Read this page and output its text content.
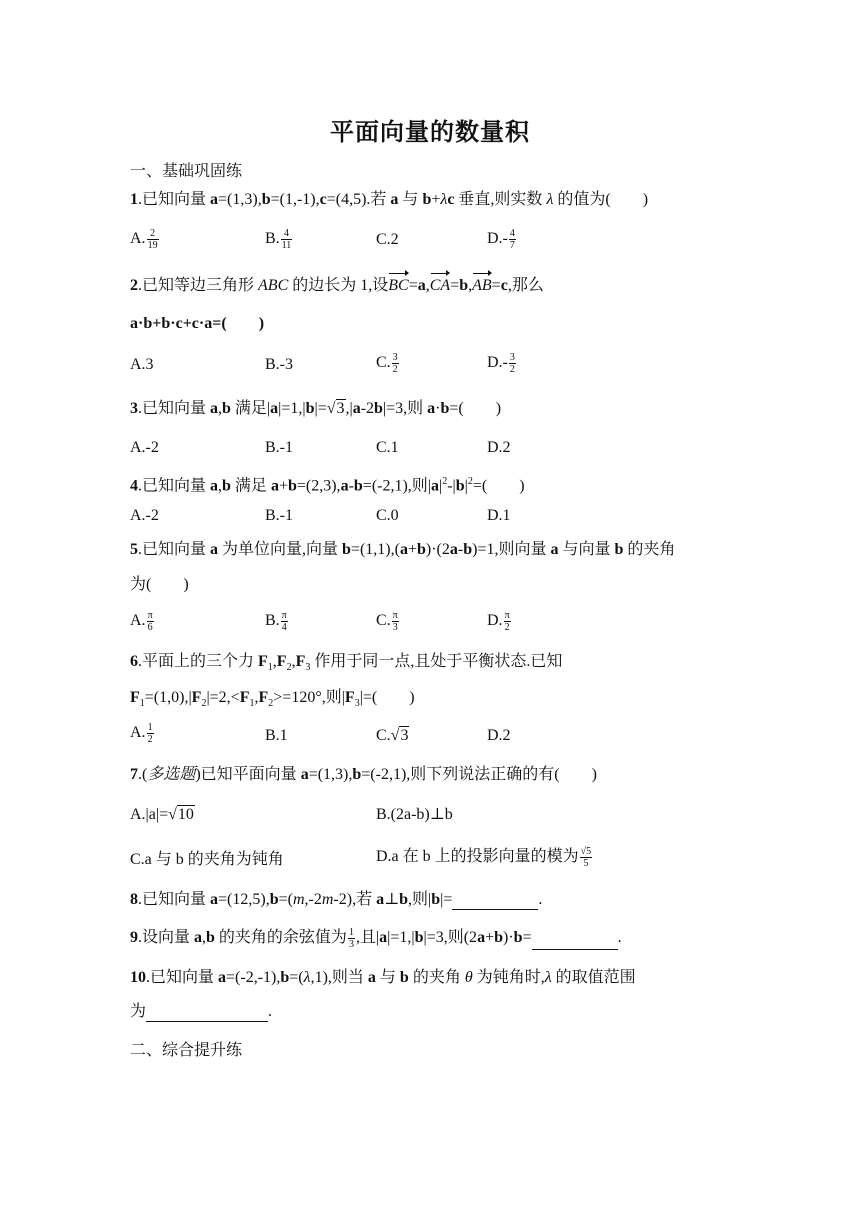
平面向量的数量积
一、基础巩固练
1.已知向量 a=(1,3),b=(1,-1),c=(4,5).若 a 与 b+λc 垂直,则实数 λ 的值为(　　)
A. $\frac{2}{19}$	B. $\frac{4}{11}$	C.2	$D.- \frac{4}{7}$
2.已知等边三角形 ABC 的边长为 1,设BC=a,CA=b,AB=c,那么
a·b+b·c+c·a=(　　)
A.3	B.-3	C. $\frac{3}{2}$	$D.- \frac{3}{2}$
3.已知向量 a,b 满足|a|=1,|b|=√3,|a-2b|=3,则 a·b=(　　)
A.-2	B.-1	C.1	D.2
4.已知向量 a,b 满足 a+b=(2,3),a-b=(-2,1),则$|a|^2-|b|^2=$(　　)
A.-2	B.-1	C.0	D.1
5.已知向量 a 为单位向量,向量 b=(1,1),(a+b)·(2a-b)=1,则向量 a 与向量 b 的夹角
为(　　)
A. $\frac{\pi}{6}$	B. $\frac{\pi}{4}$	C. $\frac{\pi}{3}$	D. $\frac{\pi}{2}$
6.平面上的三个力 $F_1,F_2,F_3$ 作用于同一点,且处于平衡状态.已知
$F_1=(1,0),|F_2|=2,<F_1,F_2>=120^\circ$,则$|F_3|=$(　　)
A. $\frac{1}{2}$	B.1	C.√3	D.2
7.(多选题)已知平面向量 a=(1,3),b=(-2,1),则下列说法正确的有(　　)
A.|a|=√10	B.(2a-b)⊥b
C.a 与 b 的夹角为钝角	D.a 在 b 上的投影向量的模为 $\frac{√5}{5}$
8.已知向量 a=(12,5),b=(m,-2m-2),若 a⊥b,则|b|=	.
9.设向量 a,b 的夹角的余弦值为 $\frac{1}{3}$ ,且|a|=1,|b|=3,则(2a+b)·b=	.
10.已知向量 a=(-2,-1),b=(λ,1),则当 a 与 b 的夹角 θ 为钝角时,λ 的取值范围
为	.
二、综合提升练
